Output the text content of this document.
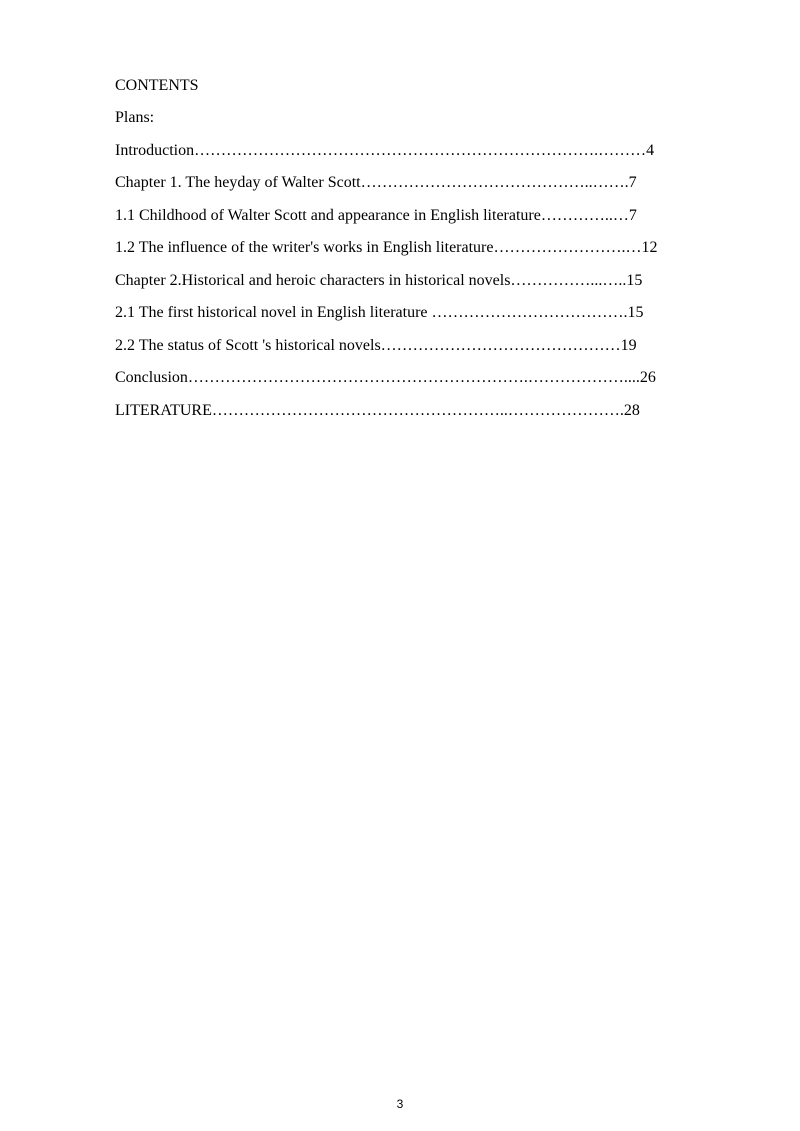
CONTENTS

Plans:

Introduction………………………………………………………………….………4

Chapter 1. The heyday of Walter Scott……………………………………..…….7

1.1 Childhood of Walter Scott and appearance in English literature…………..…7

1.2 The influence of the writer's works in English literature…………………….…12

Chapter 2.Historical and heroic characters in historical novels……………...…..15

2.1 The first historical novel in English literature ……………………………….15

2.2 The status of Scott 's historical novels………………………………………19

Conclusion……………………………………………………….………………....26

LITERATURE………………………………………………..………………….28

3
